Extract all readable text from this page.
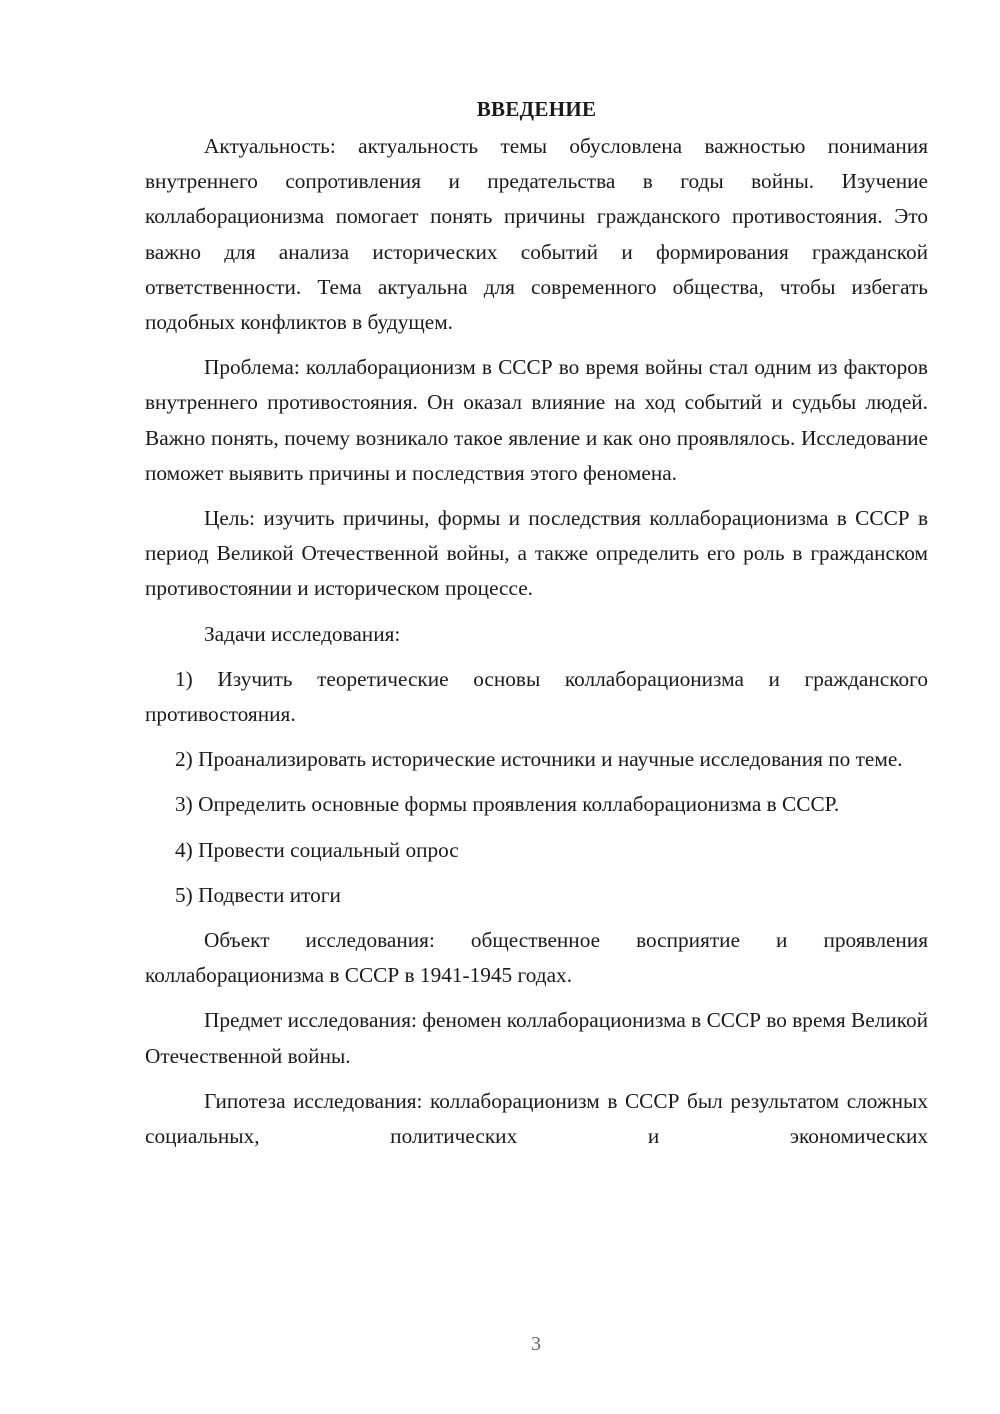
ВВЕДЕНИЕ

Актуальность: актуальность темы обусловлена важностью понимания внутреннего сопротивления и предательства в годы войны. Изучение коллаборационизма помогает понять причины гражданского противостояния. Это важно для анализа исторических событий и формирования гражданской ответственности. Тема актуальна для современного общества, чтобы избегать подобных конфликтов в будущем.

Проблема: коллаборационизм в СССР во время войны стал одним из факторов внутреннего противостояния. Он оказал влияние на ход событий и судьбы людей. Важно понять, почему возникало такое явление и как оно проявлялось. Исследование поможет выявить причины и последствия этого феномена.

Цель: изучить причины, формы и последствия коллаборационизма в СССР в период Великой Отечественной войны, а также определить его роль в гражданском противостоянии и историческом процессе.

Задачи исследования:

1) Изучить теоретические основы коллаборационизма и гражданского противостояния.

2) Проанализировать исторические источники и научные исследования по теме.

3) Определить основные формы проявления коллаборационизма в СССР.

4) Провести социальный опрос

5) Подвести итоги

Объект исследования: общественное восприятие и проявления коллаборационизма в СССР в 1941-1945 годах.

Предмет исследования: феномен коллаборационизма в СССР во время Великой Отечественной войны.

Гипотеза исследования: коллаборационизм в СССР был результатом сложных социальных, политических и экономических

3
